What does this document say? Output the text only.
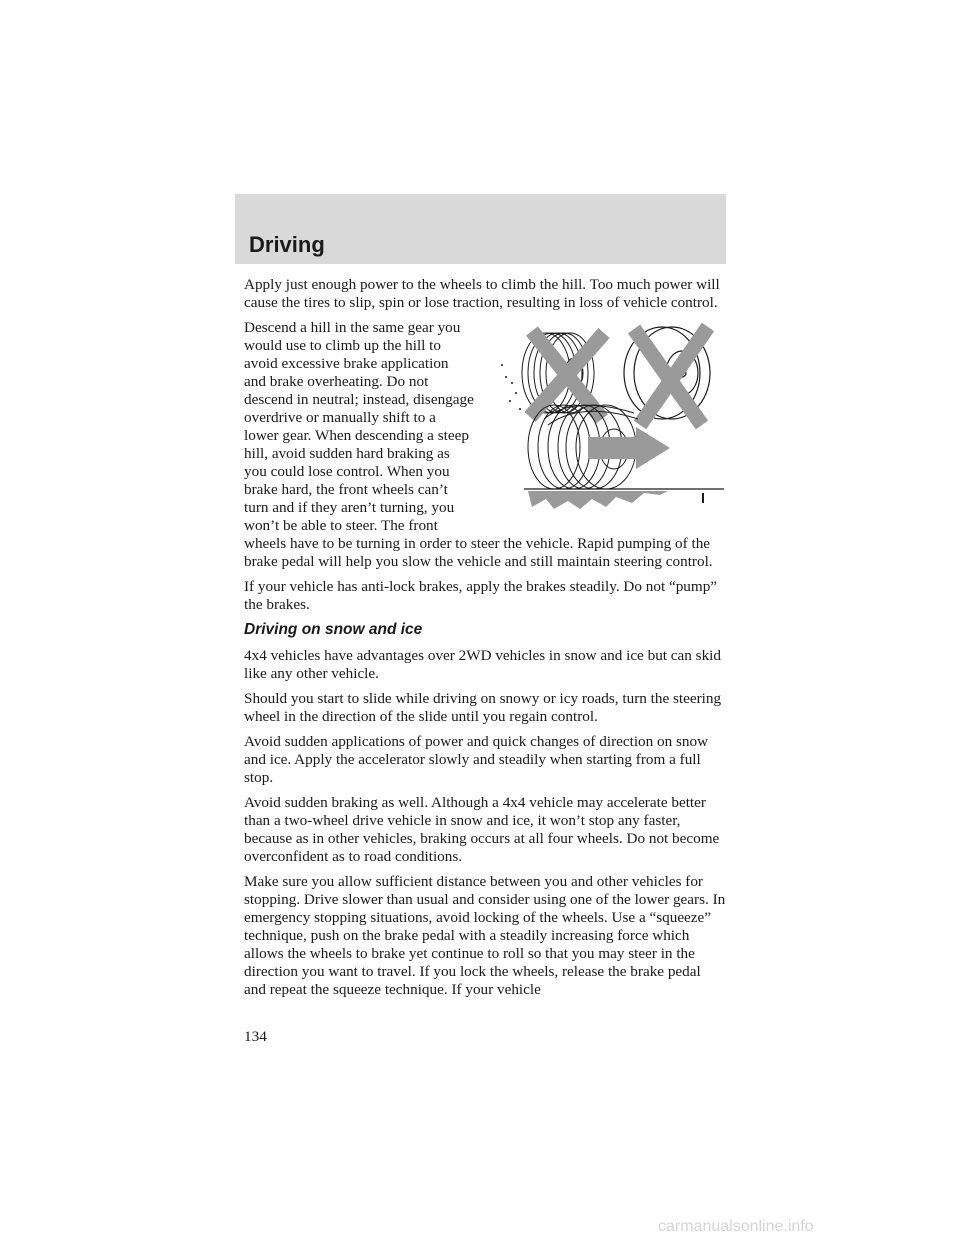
Driving

Apply just enough power to the wheels to climb the hill. Too much power will cause the tires to slip, spin or lose traction, resulting in loss of vehicle control.

Descend a hill in the same gear you would use to climb up the hill to avoid excessive brake application and brake overheating. Do not descend in neutral; instead, disengage overdrive or manually shift to a lower gear. When descending a steep hill, avoid sudden hard braking as you could lose control. When you brake hard, the front wheels can’t turn and if they aren’t turning, you won’t be able to steer. The front wheels have to be turning in order to steer the vehicle. Rapid pumping of the brake pedal will help you slow the vehicle and still maintain steering control.

If your vehicle has anti-lock brakes, apply the brakes steadily. Do not “pump” the brakes.

Driving on snow and ice

4x4 vehicles have advantages over 2WD vehicles in snow and ice but can skid like any other vehicle.

Should you start to slide while driving on snowy or icy roads, turn the steering wheel in the direction of the slide until you regain control.

Avoid sudden applications of power and quick changes of direction on snow and ice. Apply the accelerator slowly and steadily when starting from a full stop.

Avoid sudden braking as well. Although a 4x4 vehicle may accelerate better than a two-wheel drive vehicle in snow and ice, it won’t stop any faster, because as in other vehicles, braking occurs at all four wheels. Do not become overconfident as to road conditions.

Make sure you allow sufficient distance between you and other vehicles for stopping. Drive slower than usual and consider using one of the lower gears. In emergency stopping situations, avoid locking of the wheels. Use a “squeeze” technique, push on the brake pedal with a steadily increasing force which allows the wheels to brake yet continue to roll so that you may steer in the direction you want to travel. If you lock the wheels, release the brake pedal and repeat the squeeze technique. If your vehicle

134
carmanualsonline.info
